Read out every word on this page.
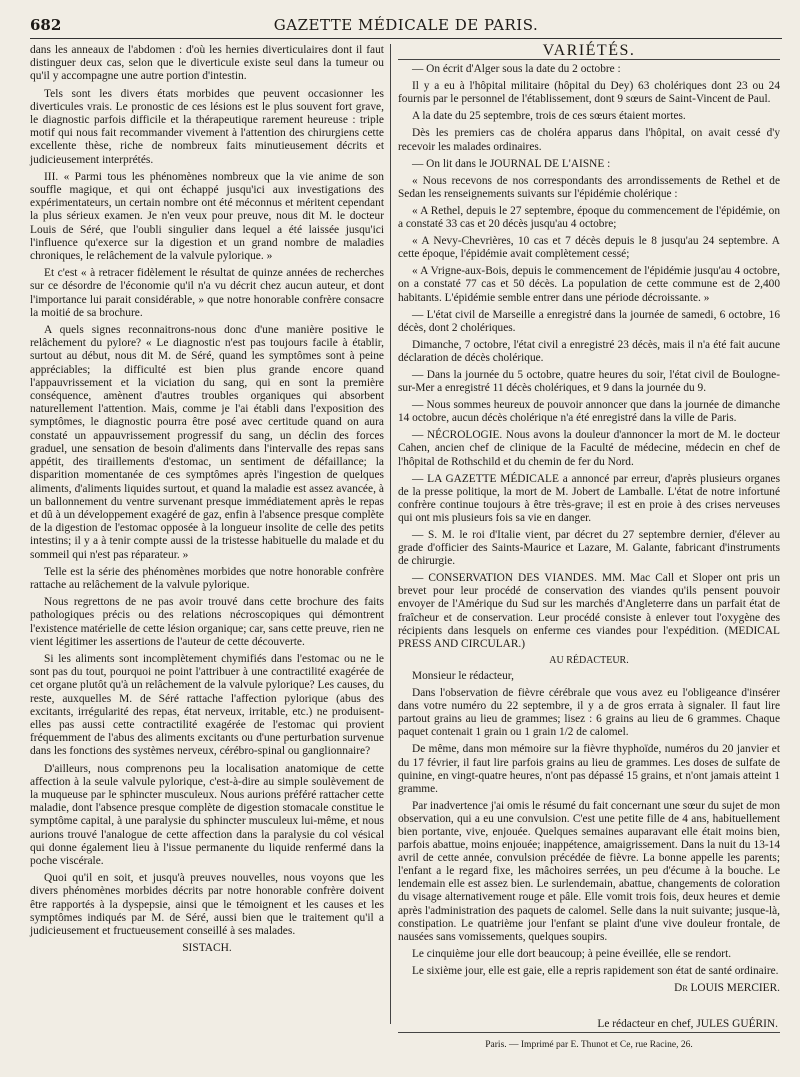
682	GAZETTE MÉDICALE DE PARIS.

dans les anneaux de l'abdomen : d'où les hernies diverticulaires dont il faut distinguer deux cas, selon que le diverticule existe seul dans la tumeur ou qu'il y accompagne une autre portion d'intestin.

Tels sont les divers états morbides que peuvent occasionner les diverticules vrais. Le pronostic de ces lésions est le plus souvent fort grave, le diagnostic parfois difficile et la thérapeutique rarement heureuse : triple motif qui nous fait recommander vivement à l'attention des chirurgiens cette excellente thèse, riche de nombreux faits minutieusement décrits et judicieusement interprétés.

III. « Parmi tous les phénomènes nombreux que la vie anime de son souffle magique, et qui ont échappé jusqu'ici aux investigations des expérimentateurs, un certain nombre ont été méconnus et méritent cependant la plus sérieux examen. Je n'en veux pour preuve, nous dit M. le docteur Louis de Séré, que l'oubli singulier dans lequel a été laissée jusqu'ici l'influence qu'exerce sur la digestion et un grand nombre de maladies chroniques, le relâchement de la valvule pylorique. »

Et c'est « à retracer fidèlement le résultat de quinze années de recherches sur ce désordre de l'économie qu'il n'a vu décrit chez aucun auteur, et dont l'importance lui parait considérable, » que notre honorable confrère consacre la moitié de sa brochure.

A quels signes reconnaitrons-nous donc d'une manière positive le relâchement du pylore? « Le diagnostic n'est pas toujours facile à établir, surtout au début, nous dit M. de Séré, quand les symptômes sont à peine appréciables; la difficulté est bien plus grande encore quand l'appauvrissement et la viciation du sang, qui en sont la première conséquence, amènent d'autres troubles organiques qui absorbent naturellement l'attention. Mais, comme je l'ai établi dans l'exposition des symptômes, le diagnostic pourra être posé avec certitude quand on aura constaté un appauvrissement progressif du sang, un déclin des forces graduel, une sensation de besoin d'aliments dans l'intervalle des repas sans appétit, des tiraillements d'estomac, un sentiment de défaillance; la disparition momentanée de ces symptômes après l'ingestion de quelques aliments, d'aliments liquides surtout, et quand la maladie est assez avancée, à un ballonnement du ventre survenant presque immédiatement après le repas et dû à un développement exagéré de gaz, enfin à l'absence presque complète de la digestion de l'estomac opposée à la longueur insolite de celle des petits intestins; il y a à tenir compte aussi de la tristesse habituelle du malade et du sommeil qui n'est pas réparateur. »

Telle est la série des phénomènes morbides que notre honorable confrère rattache au relâchement de la valvule pylorique.

Nous regrettons de ne pas avoir trouvé dans cette brochure des faits pathologiques précis ou des relations nécroscopiques qui démontrent l'existence matérielle de cette lésion organique; car, sans cette preuve, rien ne vient légitimer les assertions de l'auteur de cette découverte.

Si les aliments sont incomplètement chymifiés dans l'estomac ou ne le sont pas du tout, pourquoi ne point l'attribuer à une contractilité exagérée de cet organe plutôt qu'à un relâchement de la valvule pylorique? Les causes, du reste, auxquelles M. de Séré rattache l'affection pylorique (abus des excitants, irrégularité des repas, état nerveux, irritable, etc.) ne produisent-elles pas aussi cette contractilité exagérée de l'estomac qui provient fréquemment de l'abus des aliments excitants ou d'une perturbation survenue dans les fonctions des systèmes nerveux, cérébro-spinal ou ganglionnaire?

D'ailleurs, nous comprenons peu la localisation anatomique de cette affection à la seule valvule pylorique, c'est-à-dire au simple soulèvement de la muqueuse par le sphincter musculeux. Nous aurions préféré rattacher cette maladie, dont l'absence presque complète de digestion stomacale constitue le symptôme capital, à une paralysie du sphincter musculeux lui-même, et nous aurions trouvé l'analogue de cette affection dans la paralysie du col vésical qui donne également lieu à l'issue permanente du liquide renfermé dans la poche viscérale.

Quoi qu'il en soit, et jusqu'à preuves nouvelles, nous voyons que les divers phénomènes morbides décrits par notre honorable confrère doivent être rapportés à la dyspepsie, ainsi que le témoignent et les causes et les symptômes indiqués par M. de Séré, aussi bien que le traitement qu'il a judicieusement et fructueusement conseillé à ses malades.

SISTACH.

VARIÉTÉS.

— On écrit d'Alger sous la date du 2 octobre :

Il y a eu à l'hôpital militaire (hôpital du Dey) 63 cholériques dont 23 ou 24 fournis par le personnel de l'établissement, dont 9 sœurs de Saint-Vincent de Paul.

A la date du 25 septembre, trois de ces sœurs étaient mortes.

Dès les premiers cas de choléra apparus dans l'hôpital, on avait cessé d'y recevoir les malades ordinaires.

— On lit dans le JOURNAL DE L'AISNE :

« Nous recevons de nos correspondants des arrondissements de Rethel et de Sedan les renseignements suivants sur l'épidémie cholérique :

« A Rethel, depuis le 27 septembre, époque du commencement de l'épidémie, on a constaté 33 cas et 20 décès jusqu'au 4 octobre;

« A Nevy-Chevrières, 10 cas et 7 décès depuis le 8 jusqu'au 24 septembre. A cette époque, l'épidémie avait complètement cessé;

« A Vrigne-aux-Bois, depuis le commencement de l'épidémie jusqu'au 4 octobre, on a constaté 77 cas et 50 décès. La population de cette commune est de 2,400 habitants. L'épidémie semble entrer dans une période décroissante. »

— L'état civil de Marseille a enregistré dans la journée de samedi, 6 octobre, 16 décès, dont 2 cholériques.

Dimanche, 7 octobre, l'état civil a enregistré 23 décès, mais il n'a été fait aucune déclaration de décès cholérique.

— Dans la journée du 5 octobre, quatre heures du soir, l'état civil de Boulogne-sur-Mer a enregistré 11 décès cholériques, et 9 dans la journée du 9.

— Nous sommes heureux de pouvoir annoncer que dans la journée de dimanche 14 octobre, aucun décès cholérique n'a été enregistré dans la ville de Paris.

— NÉCROLOGIE. Nous avons la douleur d'annoncer la mort de M. le docteur Cahen, ancien chef de clinique de la Faculté de médecine, médecin en chef de l'hôpital de Rothschild et du chemin de fer du Nord.

— LA GAZETTE MÉDICALE a annoncé par erreur, d'après plusieurs organes de la presse politique, la mort de M. Jobert de Lamballe. L'état de notre infortuné confrère continue toujours à être très-grave; il est en proie à des crises nerveuses qui ont mis plusieurs fois sa vie en danger.

— S. M. le roi d'Italie vient, par décret du 27 septembre dernier, d'élever au grade d'officier des Saints-Maurice et Lazare, M. Galante, fabricant d'instruments de chirurgie.

— CONSERVATION DES VIANDES. MM. Mac Call et Sloper ont pris un brevet pour leur procédé de conservation des viandes qu'ils pensent pouvoir envoyer de l'Amérique du Sud sur les marchés d'Angleterre dans un parfait état de fraîcheur et de conservation. Leur procédé consiste à enlever tout l'oxygène des récipients dans lesquels on enferme ces viandes pour l'expédition. (MEDICAL PRESS AND CIRCULAR.)

AU RÉDACTEUR.

Monsieur le rédacteur,

Dans l'observation de fièvre cérébrale que vous avez eu l'obligeance d'insérer dans votre numéro du 22 septembre, il y a de gros errata à signaler. Il faut lire partout grains au lieu de grammes; lisez : 6 grains au lieu de 6 grammes. Chaque paquet contenait 1 grain ou 1 grain 1/2 de calomel.

De même, dans mon mémoire sur la fièvre thyphoïde, numéros du 20 janvier et du 17 février, il faut lire parfois grains au lieu de grammes. Les doses de sulfate de quinine, en vingt-quatre heures, n'ont pas dépassé 15 grains, et n'ont jamais atteint 1 gramme.

Par inadvertence j'ai omis le résumé du fait concernant une sœur du sujet de mon observation, qui a eu une convulsion. C'est une petite fille de 4 ans, habituellement bien portante, vive, enjouée. Quelques semaines auparavant elle était moins bien, parfois abattue, moins enjouée; inappétence, amaigrissement. Dans la nuit du 13-14 avril de cette année, convulsion précédée de fièvre. La bonne appelle les parents; l'enfant a le regard fixe, les mâchoires serrées, un peu d'écume à la bouche. Le lendemain elle est assez bien. Le surlendemain, abattue, changements de coloration du visage alternativement rouge et pâle. Elle vomit trois fois, deux heures et demie après l'administration des paquets de calomel. Selle dans la nuit suivante; jusque-là, constipation. Le quatrième jour l'enfant se plaint d'une vive douleur frontale, de nausées sans vomissements, quelques soupirs.

Le cinquième jour elle dort beaucoup; à peine éveillée, elle se rendort.

Le sixième jour, elle est gaie, elle a repris rapidement son état de santé ordinaire.

Dr LOUIS MERCIER.

Le rédacteur en chef, JULES GUÉRIN.
Paris. — Imprimé par E. Thunot et Ce, rue Racine, 26.
